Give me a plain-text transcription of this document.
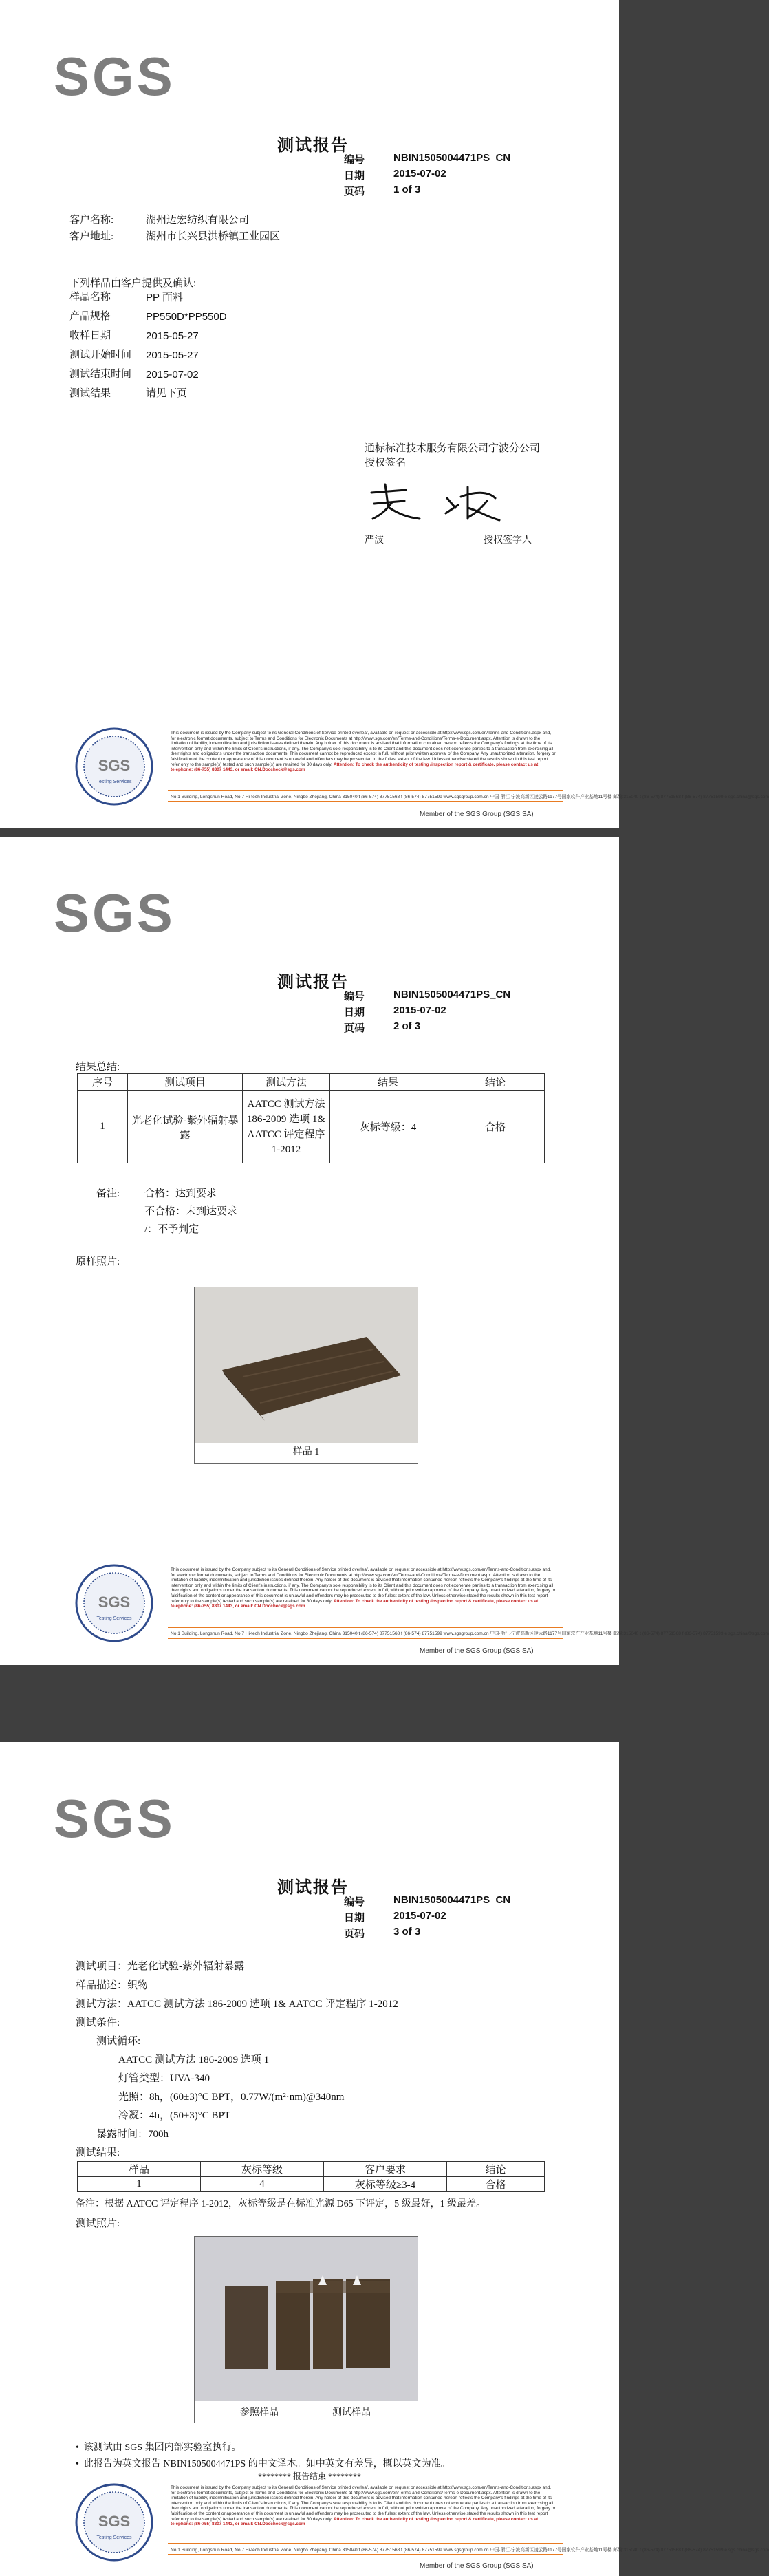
SGS
测试报告
编号	NBIN1505004471PS_CN
日期	2015-07-02
页码	1 of 3
客户名称:	湖州迈宏纺织有限公司
客户地址:	湖州市长兴县洪桥镇工业园区
下列样品由客户提供及确认:
样品名称	PP 面料
产品规格	PP550D*PP550D
收样日期	2015-05-27
测试开始时间	2015-05-27
测试结束时间	2015-07-02
测试结果	请见下页
通标标准技术服务有限公司宁波分公司
授权签名
严波	授权签字人
SGS
Testing Services
This document is issued by the Company subject to its General Conditions of Service printed overleaf, available on request or accessible at http://www.sgs.com/en/Terms-and-Conditions.aspx and, for electronic format documents, subject to Terms and Conditions for Electronic Documents at http://www.sgs.com/en/Terms-and-Conditions/Terms-e-Document.aspx. Attention is drawn to the limitation of liability, indemnification and jurisdiction issues defined therein. Any holder of this document is advised that information contained hereon reflects the Company's findings at the time of its intervention only and within the limits of Client's instructions, if any. The Company's sole responsibility is to its Client and this document does not exonerate parties to a transaction from exercising all their rights and obligations under the transaction documents. This document cannot be reproduced except in full, without prior written approval of the Company. Any unauthorized alteration, forgery or falsification of the content or appearance of this document is unlawful and offenders may be prosecuted to the fullest extent of the law. Unless otherwise stated the results shown in this test report refer only to the sample(s) tested and such sample(s) are retained for 30 days only. Attention: To check the authenticity of testing /inspection report & certificate, please contact us at telephone: (86-755) 8307 1443, or email: CN.Doccheck@sgs.com
No.1 Building, Longshun Road, No.7 Hi-tech Industrial Zone, Ningbo Zhejiang, China 315040 t (86-574) 87751568 f (86-574) 87751599 www.sgsgroup.com.cn 中国·浙江·宁波高新区凌云路1177号国家软件产业基地11号楼 邮编:315040 t (86-574) 87751568 f (86-574) 87751599 e sgs.china@sgs.com
Member of the SGS Group (SGS SA)
SGS
测试报告
编号	NBIN1505004471PS_CN
日期	2015-07-02
页码	2 of 3
结果总结:
序号	测试项目	测试方法	结果	结论
1	光老化试验-紫外辐射暴露	AATCC 测试方法 186-2009 选项 1& AATCC 评定程序 1-2012	灰标等级：4	合格
备注: 合格：达到要求
不合格：未到达要求
/：不予判定
原样照片:
样品 1
SGS
Testing Services
This document is issued by the Company subject to its General Conditions of Service printed overleaf, available on request or accessible at http://www.sgs.com/en/Terms-and-Conditions.aspx and, for electronic format documents, subject to Terms and Conditions for Electronic Documents at http://www.sgs.com/en/Terms-and-Conditions/Terms-e-Document.aspx. Attention is drawn to the limitation of liability, indemnification and jurisdiction issues defined therein. Any holder of this document is advised that information contained hereon reflects the Company's findings at the time of its intervention only and within the limits of Client's instructions, if any. The Company's sole responsibility is to its Client and this document does not exonerate parties to a transaction from exercising all their rights and obligations under the transaction documents. This document cannot be reproduced except in full, without prior written approval of the Company. Any unauthorized alteration, forgery or falsification of the content or appearance of this document is unlawful and offenders may be prosecuted to the fullest extent of the law. Unless otherwise stated the results shown in this test report refer only to the sample(s) tested and such sample(s) are retained for 30 days only. Attention: To check the authenticity of testing /inspection report & certificate, please contact us at telephone: (86-755) 8307 1443, or email: CN.Doccheck@sgs.com
No.1 Building, Longshun Road, No.7 Hi-tech Industrial Zone, Ningbo Zhejiang, China 315040 t (86-574) 87751568 f (86-574) 87751599 www.sgsgroup.com.cn 中国·浙江·宁波高新区凌云路1177号国家软件产业基地11号楼 邮编:315040 t (86-574) 87751568 f (86-574) 87751599 e sgs.china@sgs.com
Member of the SGS Group (SGS SA)
SGS
测试报告
编号	NBIN1505004471PS_CN
日期	2015-07-02
页码	3 of 3
测试项目：光老化试验-紫外辐射暴露
样品描述：织物
测试方法：AATCC 测试方法 186-2009 选项 1& AATCC 评定程序 1-2012
测试条件:
测试循环:
AATCC 测试方法 186-2009 选项 1
灯管类型：UVA-340
光照：8h，(60±3)°C BPT，0.77W/(m²·nm)@340nm
冷凝：4h，(50±3)°C BPT
暴露时间：700h
测试结果:
样品	灰标等级	客户要求	结论
1	4	灰标等级≥3-4	合格
备注：根据 AATCC 评定程序 1-2012，灰标等级是在标准光源 D65 下评定，5 级最好，1 级最差。
测试照片:
参照样品	测试样品
•  该测试由 SGS 集团内部实验室执行。
•  此报告为英文报告 NBIN1505004471PS 的中文译本。如中英文有差异，概以英文为准。
******** 报告结束 ********
SGS
Testing Services
This document is issued by the Company subject to its General Conditions of Service printed overleaf, available on request or accessible at http://www.sgs.com/en/Terms-and-Conditions.aspx and, for electronic format documents, subject to Terms and Conditions for Electronic Documents at http://www.sgs.com/en/Terms-and-Conditions/Terms-e-Document.aspx. Attention is drawn to the limitation of liability, indemnification and jurisdiction issues defined therein. Any holder of this document is advised that information contained hereon reflects the Company's findings at the time of its intervention only and within the limits of Client's instructions, if any. The Company's sole responsibility is to its Client and this document does not exonerate parties to a transaction from exercising all their rights and obligations under the transaction documents. This document cannot be reproduced except in full, without prior written approval of the Company. Any unauthorized alteration, forgery or falsification of the content or appearance of this document is unlawful and offenders may be prosecuted to the fullest extent of the law. Unless otherwise stated the results shown in this test report refer only to the sample(s) tested and such sample(s) are retained for 30 days only. Attention: To check the authenticity of testing /inspection report & certificate, please contact us at telephone: (86-755) 8307 1443, or email: CN.Doccheck@sgs.com
No.1 Building, Longshun Road, No.7 Hi-tech Industrial Zone, Ningbo Zhejiang, China 315040 t (86-574) 87751568 f (86-574) 87751599 www.sgsgroup.com.cn 中国·浙江·宁波高新区凌云路1177号国家软件产业基地11号楼 邮编:315040 t (86-574) 87751568 f (86-574) 87751599 e sgs.china@sgs.com
Member of the SGS Group (SGS SA)
